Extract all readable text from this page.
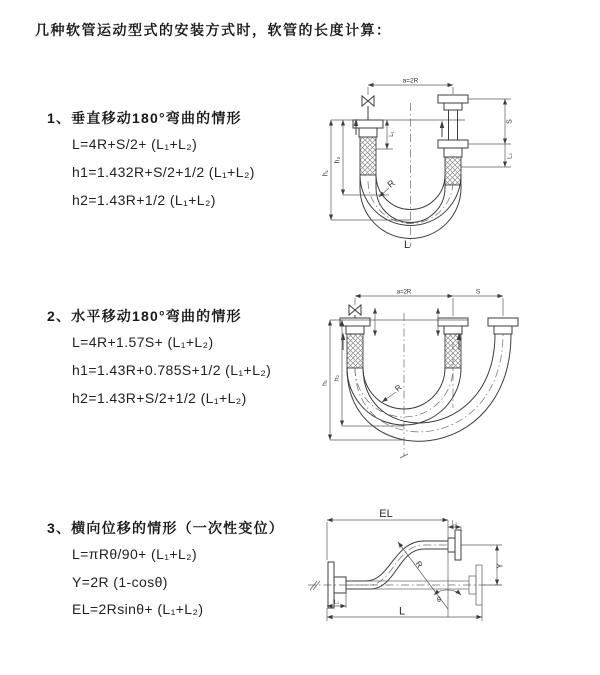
几种软管运动型式的安装方式时，软管的长度计算：
1、垂直移动180°弯曲的情形
L=4R+S/2+ (L₁+L₂)
h1=1.432R+S/2+1/2 (L₁+L₂)
h2=1.43R+1/2 (L₁+L₂)
2、水平移动180°弯曲的情形
L=4R+1.57S+ (L₁+L₂)
h1=1.43R+0.785S+1/2 (L₁+L₂)
h2=1.43R+S/2+1/2 (L₁+L₂)
3、横向位移的情形（一次性变位）
L=πRθ/90+ (L₁+L₂)
Y=2R (1-cosθ)
EL=2Rsinθ+ (L₁+L₂)
a=2R
h₁
h₂
L₁
S
L₂
R
L
a=2R	S
h₁
h₂
R
EL
L₂
Y
L
L₁
R
θ
